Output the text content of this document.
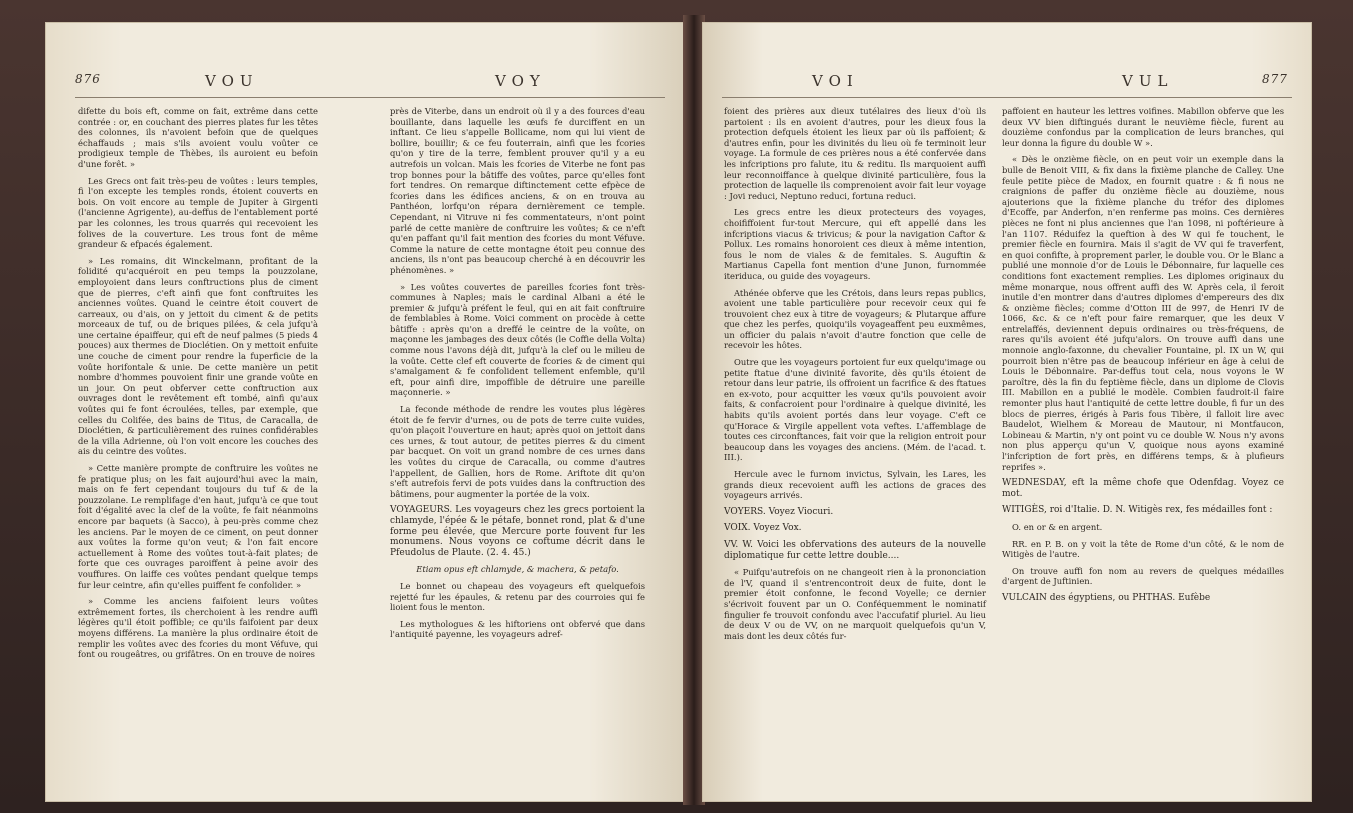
876	VOU	VOY

difette du bois eft, comme on fait, extrême dans cette contrée : or, en couchant des pierres plates fur les têtes des colonnes, ils n'avoient befoin que de quelques échaffauds ; mais s'ils avoient voulu voûter ce prodigieux temple de Thèbes, ils auroient eu befoin d'une forêt. »

Les Grecs ont fait très-peu de voûtes : leurs temples, fi l'on excepte les temples ronds, étoient couverts en bois. On voit encore au temple de Jupiter à Girgenti (l'ancienne Agrigente), au-deffus de l'entablement porté par les colonnes, les trous quarrés qui recevoient les folives de la couverture. Les trous font de même grandeur & efpacés également.

» Les romains, dit Winckelmann, profitant de la folidité qu'acquéroit en peu temps la pouzzolane, employoient dans leurs conftructions plus de ciment que de pierres, c'eft ainfi que font conftruites les anciennes voûtes. Quand le ceintre étoit couvert de carreaux, ou d'ais, on y jettoit du ciment & de petits morceaux de tuf, ou de briques pilées, & cela jufqu'à une certaine épaiffeur, qui eft de neuf palmes (5 pieds 4 pouces) aux thermes de Dioclétien. On y mettoit enfuite une couche de ciment pour rendre la fuperficie de la voûte horifontale & unie. De cette manière un petit nombre d'hommes pouvoient finir une grande voûte en un jour. On peut obferver cette conftruction aux ouvrages dont le revêtement eft tombé, ainfi qu'aux voûtes qui fe font écroulées, telles, par exemple, que celles du Colifée, des bains de Titus, de Caracalla, de Dioclétien, & particulièrement des ruines confidérables de la villa Adrienne, où l'on voit encore les couches des ais du ceintre des voûtes.

» Cette manière prompte de conftruire les voûtes ne fe pratique plus; on les fait aujourd'hui avec la main, mais on fe fert cependant toujours du tuf & de la pouzzolane. Le remplifage d'en haut, jufqu'à ce que tout foit d'égalité avec la clef de la voûte, fe fait néanmoins encore par baquets (à Sacco), à peu-près comme chez les anciens. Par le moyen de ce ciment, on peut donner aux voûtes la forme qu'on veut; & l'on fait encore actuellement à Rome des voûtes tout-à-fait plates; de forte que ces ouvrages paroiffent à peine avoir des vouffures. On laiffe ces voûtes pendant quelque temps fur leur ceintre, afin qu'elles puiffent fe confolider. »

» Comme les anciens faifoient leurs voûtes extrêmement fortes, ils cherchoient à les rendre auffi légères qu'il étoit poffible; ce qu'ils faifoient par deux moyens différens. La manière la plus ordinaire étoit de remplir les voûtes avec des fcories du mont Véfuve, qui font ou rougeâtres, ou grifâtres. On en trouve de noires

près de Viterbe, dans un endroit où il y a des fources d'eau bouillante, dans laquelle les œufs fe durciffent en un inftant. Ce lieu s'appelle Bollicame, nom qui lui vient de bollire, bouillir; & ce feu fouterrain, ainfi que les fcories qu'on y tire de la terre, femblent prouver qu'il y a eu autrefois un volcan. Mais les fcories de Viterbe ne font pas trop bonnes pour la bâtiffe des voûtes, parce qu'elles font fort tendres. On remarque diftinctement cette efpèce de fcories dans les édifices anciens, & on en trouva au Panthéon, lorfqu'on répara dernièrement ce temple. Cependant, ni Vitruve ni fes commentateurs, n'ont point parlé de cette manière de conftruire les voûtes; & ce n'eft qu'en paffant qu'il fait mention des fcories du mont Véfuve. Comme la nature de cette montagne étoit peu connue des anciens, ils n'ont pas beaucoup cherché à en découvrir les phénomènes. »

» Les voûtes couvertes de pareilles fcories font très-communes à Naples; mais le cardinal Albani a été le premier & jufqu'à préfent le feul, qui en ait fait conftruire de femblables à Rome. Voici comment on procède à cette bâtiffe : après qu'on a dreffé le ceintre de la voûte, on maçonne les jambages des deux côtés (le Coffie della Volta) comme nous l'avons déjà dit, jufqu'à la clef ou le milieu de la voûte. Cette clef eft couverte de fcories & de ciment qui s'amalgament & fe confolident tellement enfemble, qu'il eft, pour ainfi dire, impoffible de détruire une pareille maçonnerie. »

La feconde méthode de rendre les voutes plus légères étoit de fe fervir d'urnes, ou de pots de terre cuite vuides, qu'on plaçoit l'ouverture en haut; après quoi on jettoit dans ces urnes, & tout autour, de petites pierres & du ciment par bacquet. On voit un grand nombre de ces urnes dans les voûtes du cirque de Caracalla, ou comme d'autres l'appellent, de Gallien, hors de Rome. Ariftote dit qu'on s'eft autrefois fervi de pots vuides dans la conftruction des bâtimens, pour augmenter la portée de la voix.

VOYAGEURS. Les voyageurs chez les grecs portoient la chlamyde, l'épée & le pétafe, bonnet rond, plat & d'une forme peu élevée, que Mercure porte fouvent fur les monumens. Nous voyons ce coftume décrit dans le Pfeudolus de Plaute. (2. 4. 45.)

Etiam opus eft chlamyde, & machera, & petafo.

Le bonnet ou chapeau des voyageurs eft quelquefois rejetté fur les épaules, & retenu par des courroies qui fe lioient fous le menton.

Les mythologues & les hiftoriens ont obfervé que dans l'antiquité payenne, les voyageurs adref-

VOI	VUL	877

foient des prières aux dieux tutélaires des lieux d'où ils partoient : ils en avoient d'autres, pour les dieux fous la protection defquels étoient les lieux par où ils paffoient; & d'autres enfin, pour les divinités du lieu où fe terminoit leur voyage. La formule de ces prières nous a été confervée dans les infcriptions pro falute, itu & reditu. Ils marquoient auffi leur reconnoiffance à quelque divinité particulière, fous la protection de laquelle ils comprenoient avoir fait leur voyage : Jovi reduci, Neptuno reduci, fortuna reduci.

Les grecs entre les dieux protecteurs des voyages, choififfoient fur-tout Mercure, qui eft appellé dans les infcriptions viacus & trivicus; & pour la navigation Caftor & Pollux. Les romains honoroient ces dieux à même intention, fous le nom de viales & de femitales. S. Auguftin & Martianus Capella font mention d'une Junon, furnommée iteriduca, ou guide des voyageurs.

Athénée obferve que les Crétois, dans leurs repas publics, avoient une table particulière pour recevoir ceux qui fe trouvoient chez eux à titre de voyageurs; & Plutarque affure que chez les perfes, quoiqu'ils voyageaffent peu euxmêmes, un officier du palais n'avoit d'autre fonction que celle de recevoir les hôtes.

Outre que les voyageurs portoient fur eux quelqu'image ou petite ftatue d'une divinité favorite, dès qu'ils étoient de retour dans leur patrie, ils offroient un facrifice & des ftatues en ex-voto, pour acquitter les vœux qu'ils pouvoient avoir faits, & confacroient pour l'ordinaire à quelque divinité, les habits qu'ils avoient portés dans leur voyage. C'eft ce qu'Horace & Virgile appellent vota veftes. L'affemblage de toutes ces circonftances, fait voir que la religion entroit pour beaucoup dans les voyages des anciens. (Mém. de l'acad. t. III.).

Hercule avec le furnom invictus, Sylvain, les Lares, les grands dieux recevoient auffi les actions de graces des voyageurs arrivés.

VOYERS. Voyez Viocuri.

VOIX. Voyez Vox.

VV. W. Voici les obfervations des auteurs de la nouvelle diplomatique fur cette lettre double....

« Puifqu'autrefois on ne changeoit rien à la prononciation de l'V, quand il s'entrencontroit deux de fuite, dont le premier étoit confonne, le fecond Voyelle; ce dernier s'écrivoit fouvent par un O. Conféquemment le nominatif fingulier fe trouvoit confondu avec l'accufatif pluriel. Au lieu de deux V ou de VV, on ne marquoit quelquefois qu'un V, mais dont les deux côtés fur-

paffoient en hauteur les lettres voifines. Mabillon obferve que les deux VV bien diftingués durant le neuvième fiècle, furent au douzième confondus par la complication de leurs branches, qui leur donna la figure du double W ».

« Dès le onzième fiècle, on en peut voir un exemple dans la bulle de Benoit VIII, & fix dans la fixième planche de Calley. Une feule petite pièce de Madox, en fournit quatre : & fi nous ne craignions de paffer du onzième fiècle au douzième, nous ajouterions que la fixième planche du tréfor des diplomes d'Ecoffe, par Anderfon, n'en renferme pas moins. Ces dernières pièces ne font ni plus anciennes que l'an 1098, ni poftérieure à l'an 1107. Réduifez la queftion à des W qui fe touchent, le premier fiècle en fournira. Mais il s'agit de VV qui fe traverfent, en quoi confifte, à proprement parler, le double vou. Or le Blanc a publié une monnoie d'or de Louis le Débonnaire, fur laquelle ces conditions font exactement remplies. Les diplomes originaux du même monarque, nous offrent auffi des W. Après cela, il feroit inutile d'en montrer dans d'autres diplomes d'empereurs des dix & onzième fiècles; comme d'Otton III de 997, de Henri IV de 1066, &c. & ce n'eft pour faire remarquer, que les deux V entrelaffés, deviennent depuis ordinaires ou très-fréquens, de rares qu'ils avoient été jufqu'alors. On trouve auffi dans une monnoie anglo-faxonne, du chevalier Fountaine, pl. IX un W, qui pourroit bien n'être pas de beaucoup inférieur en âge à celui de Louis le Débonnaire. Par-deffus tout cela, nous voyons le W paroître, dès la fin du feptième fiècle, dans un diplome de Clovis III. Mabillon en a publié le modèle. Combien faudroit-il faire remonter plus haut l'antiquité de cette lettre double, fi fur un des blocs de pierres, érigés à Paris fous Tibère, il falloit lire avec Baudelot, Wielhem & Moreau de Mautour, ni Montfaucon, Lobineau & Martin, n'y ont point vu ce double W. Nous n'y avons non plus apperçu qu'un V, quoique nous ayons examiné l'infcription de fort près, en différens temps, & à plufieurs reprifes ».

WEDNESDAY, eft la même chofe que Odenfdag. Voyez ce mot.

WITIGÈS, roi d'Italie. D. N. Witigès rex, fes médailles font :

O. en or & en argent.

RR. en P. B. on y voit la tête de Rome d'un côté, & le nom de Witigès de l'autre.

On trouve auffi fon nom au revers de quelques médailles d'argent de Juftinien.

VULCAIN des égyptiens, ou PHTHAS. Eufèbe
